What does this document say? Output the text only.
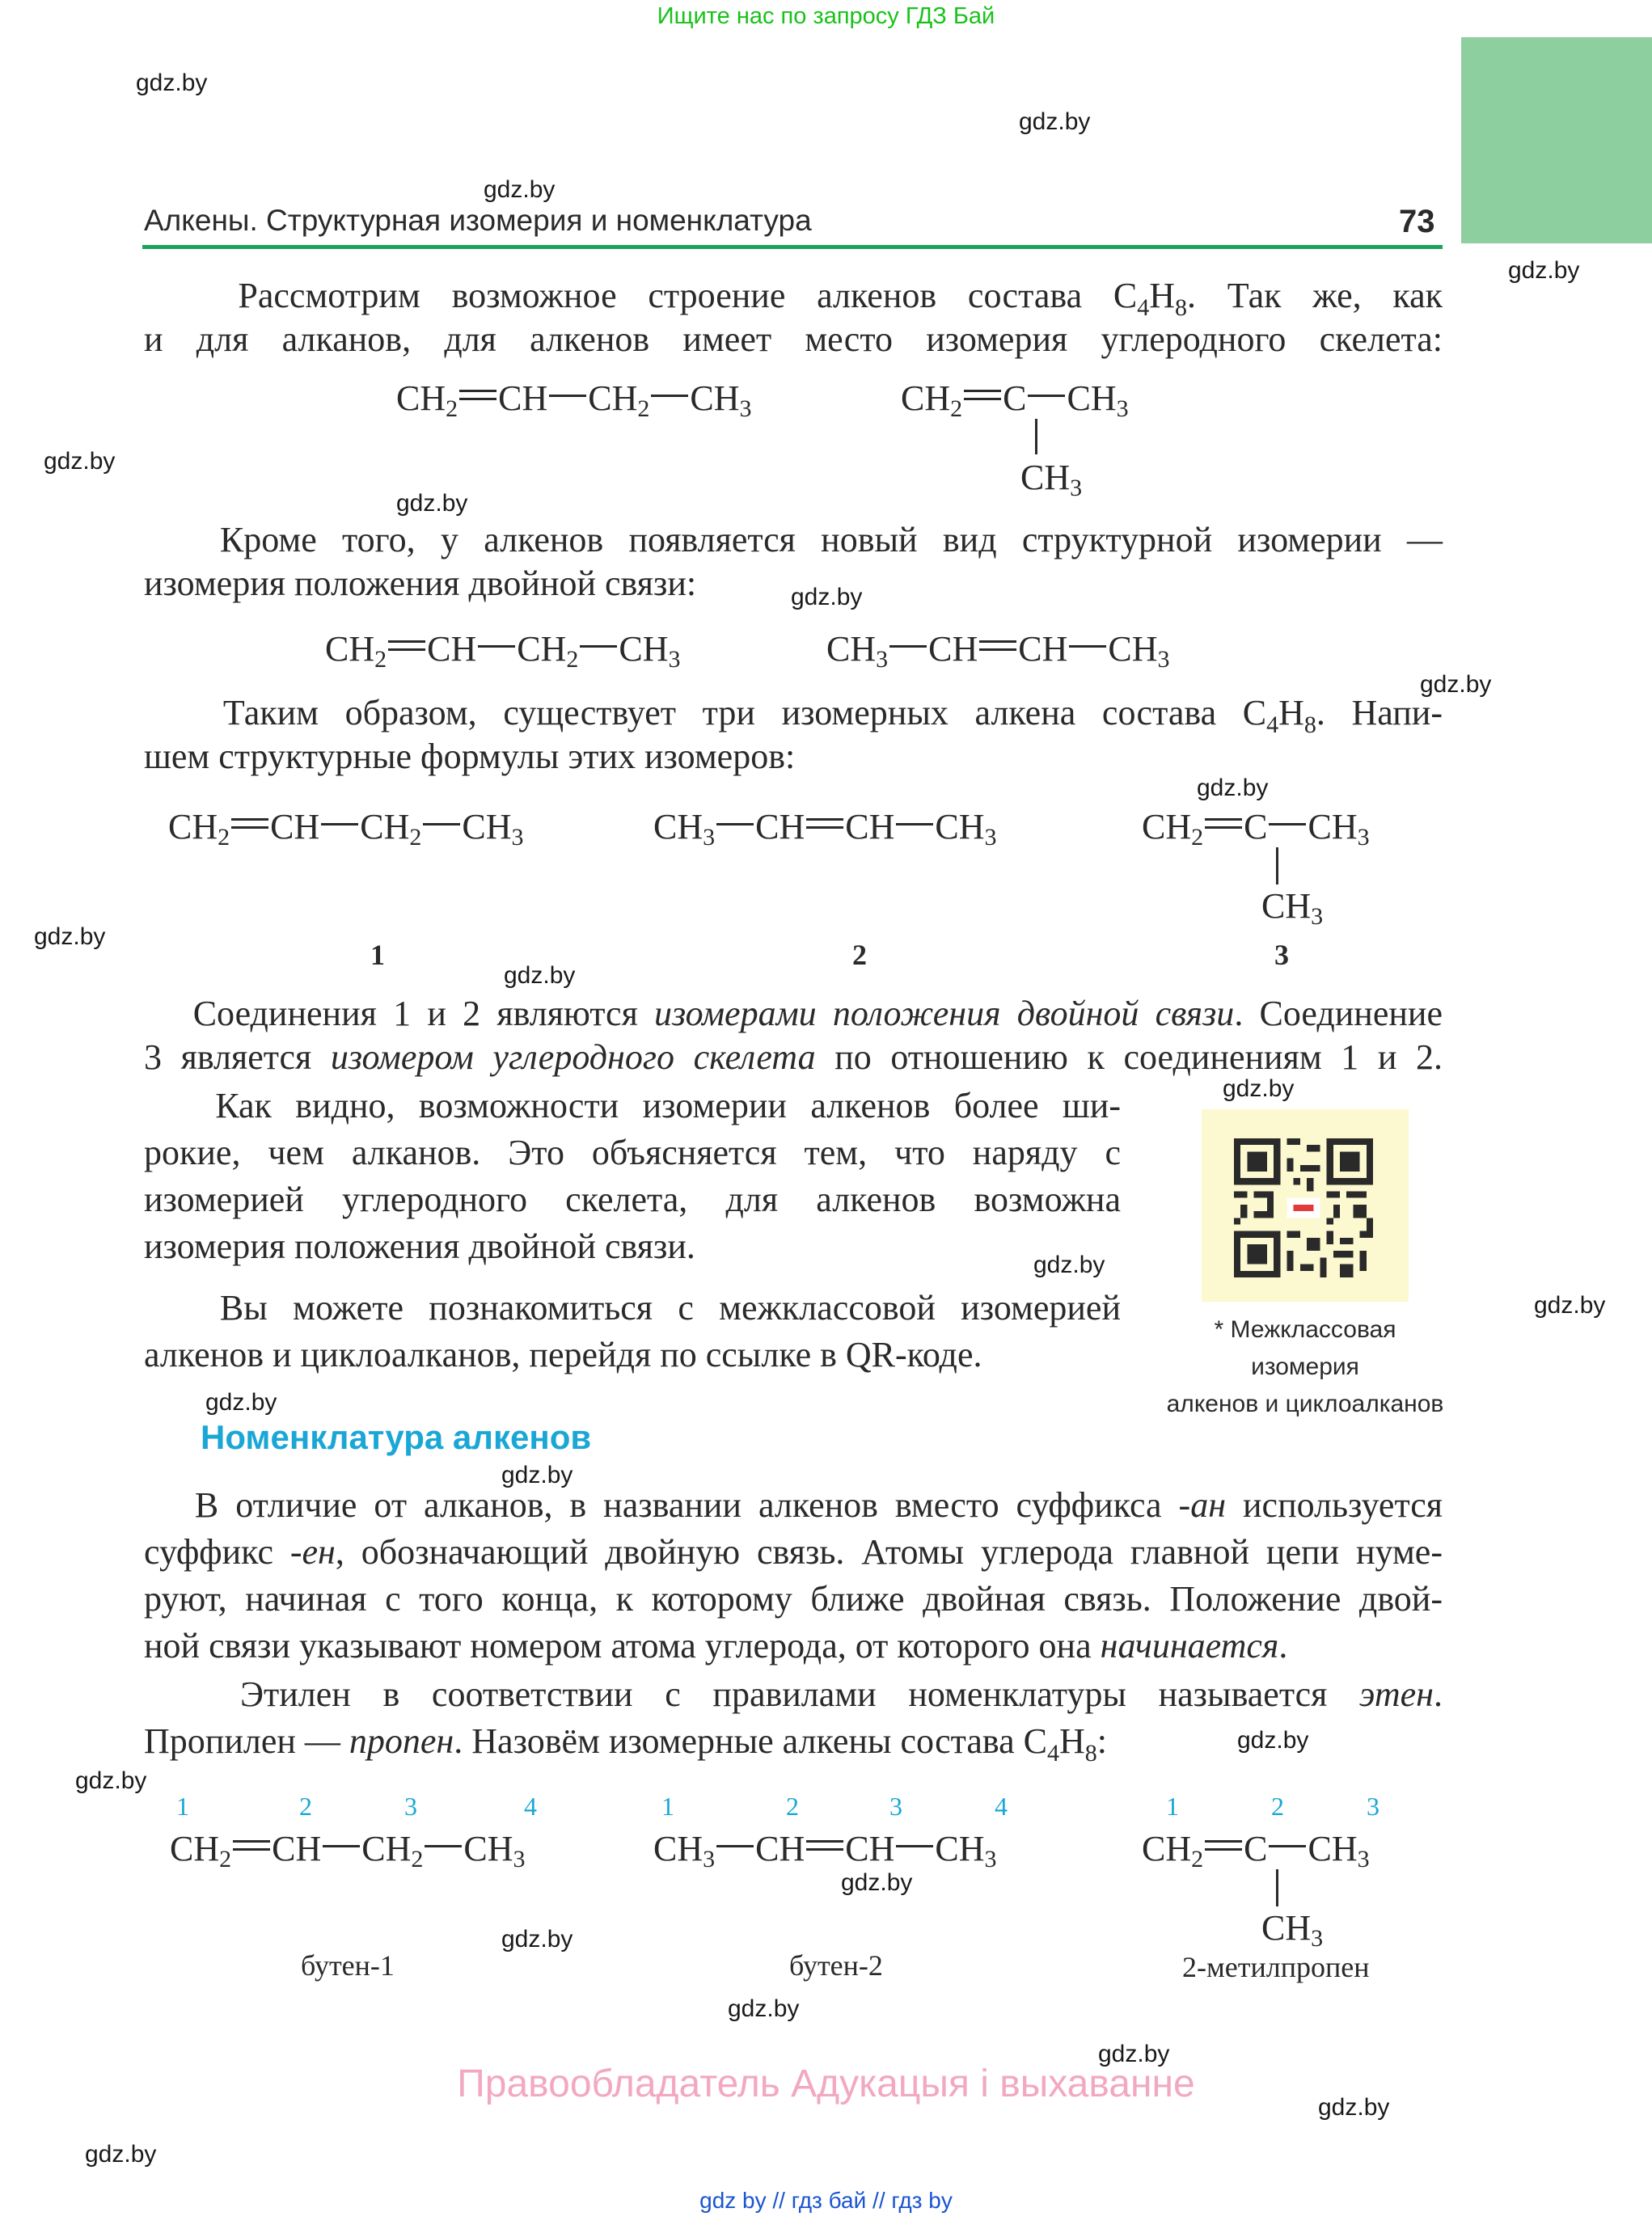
Ищите нас по запросу ГДЗ Бай
Алкены. Структурная изомерия и номенклатура	73
gdz.by
gdz.by
gdz.by
gdz.by
gdz.by
gdz.by
gdz.by
gdz.by
gdz.by
gdz.by
gdz.by
gdz.by
gdz.by
gdz.by
gdz.by
gdz.by
gdz.by
gdz.by
gdz.by
gdz.by
gdz.by
gdz.by
gdz.by
gdz.by
Рассмотрим возможное строение алкенов состава $C_4H_8$. Так же, как
и для алканов, для алкенов имеет место изомерия углеродного скелета:
$CH_2$ CH $CH_2$ $CH_3$	$CH_2$ C $CH_3$
$CH_3$
Кроме того, у алкенов появляется новый вид структурной изомерии —
изомерия положения двойной связи:
$CH_2$ CH $CH_2$ $CH_3$	$CH_3$ CH CH $CH_3$
Таким образом, существует три изомерных алкена состава $C_4H_8$. Напи-
шем структурные формулы этих изомеров:
$CH_2$ CH $CH_2$ $CH_3$	$CH_3$ CH CH $CH_3$	$CH_2$ C $CH_3$
$CH_3$
1	2	3
Соединения 1 и 2 являются изомерами положения двойной связи. Соединение
3 является изомером углеродного скелета по отношению к соединениям 1 и 2.
Как видно, возможности изомерии алкенов более ши-
рокие, чем алканов. Это объясняется тем, что наряду с
изомерией углеродного скелета, для алкенов возможна
изомерия положения двойной связи.
Вы можете познакомиться с межклассовой изомерией
алкенов и циклоалканов, перейдя по ссылке в QR-коде.
* Межклассовая изомерия
алкенов и циклоалканов
Номенклатура алкенов
В отличие от алканов, в названии алкенов вместо суффикса -ан используется
суффикс -ен, обозначающий двойную связь. Атомы углерода главной цепи нуме-
руют, начиная с того конца, к которому ближе двойная связь. Положение двой-
ной связи указывают номером атома углерода, от которого она начинается.
Этилен в соответствии с правилами номенклатуры называется этен.
Пропилен — пропен. Назовём изомерные алкены состава $C_4H_8$:
1	2	3	4	1	2	3	4	1	2	3
$CH_2$ CH $CH_2$ $CH_3$	$CH_3$ CH CH $CH_3$	$CH_2$ C $CH_3$
$CH_3$
бутен-1	бутен-2	2-метилпропен
Правообладатель Адукацыя і выхаванне
gdz by // гдз бай // гдз by
